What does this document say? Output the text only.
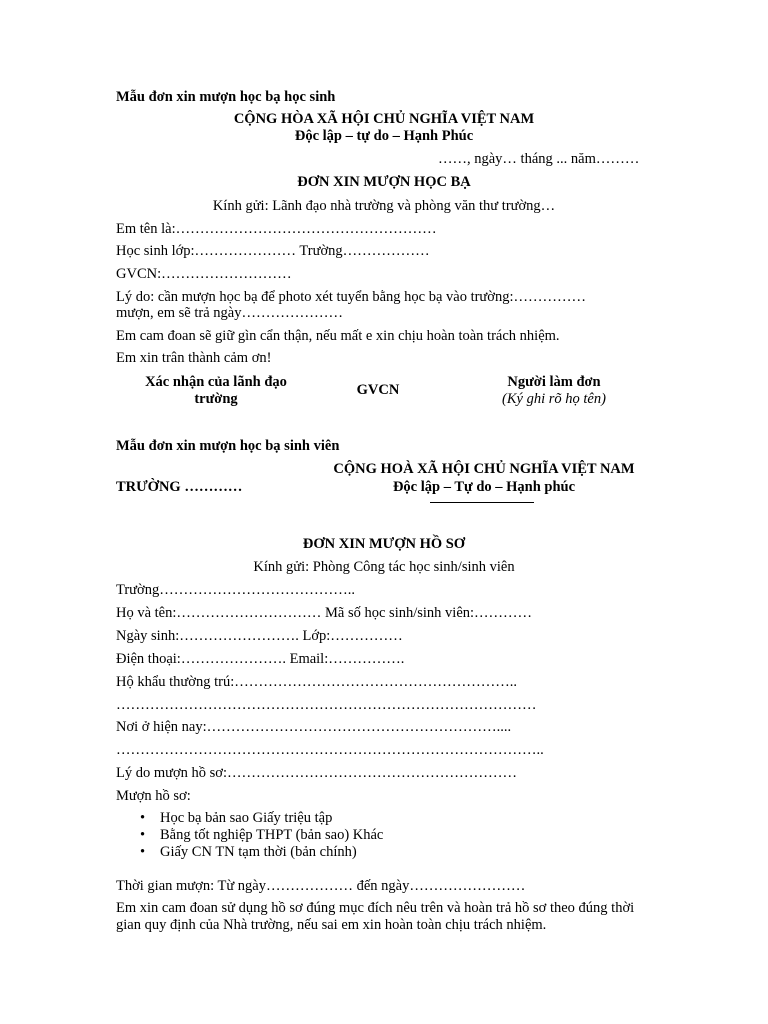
Mẫu đơn xin mượn học bạ học sinh
CỘNG HÒA XÃ HỘI CHỦ NGHĨA VIỆT NAM
Độc lập – tự do – Hạnh Phúc
……, ngày… tháng ... năm………
ĐƠN XIN MƯỢN HỌC BẠ
Kính gửi: Lãnh đạo nhà trường và phòng văn thư trường…
Em tên là:………………………………………………
Học sinh lớp:………………… Trường………………
GVCN:………………………
Lý do: cần mượn học bạ để photo xét tuyển bằng học bạ vào trường:……………
mượn, em sẽ trả ngày…………………
Em cam đoan sẽ giữ gìn cẩn thận, nếu mất e xin chịu hoàn toàn trách nhiệm.
Em xin trân thành cảm ơn!
Xác nhận của lãnh đạo
trường
GVCN	Người làm đơn
(Ký ghi rõ họ tên)
Mẫu đơn xin mượn học bạ sinh viên
CỘNG HOÀ XÃ HỘI CHỦ NGHĨA VIỆT NAM
TRƯỜNG …………	Độc lập – Tự do – Hạnh phúc
ĐƠN XIN MƯỢN HỒ SƠ
Kính gửi: Phòng Công tác học sinh/sinh viên
Trường…………………………………..
Họ và tên:………………………… Mã số học sinh/sinh viên:…………
Ngày sinh:……………………. Lớp:……………
Điện thoại:…………………. Email:…………….
Hộ khẩu thường trú:…………………………………………………..
……………………………………………………………………………
Nơi ở hiện nay:……………………………………………………....
……………………………………………………………………………..
Lý do mượn hồ sơ:……………………………………………………
Mượn hồ sơ:
• Học bạ bản sao Giấy triệu tập
• Bằng tốt nghiệp THPT (bản sao) Khác
• Giấy CN TN tạm thời (bản chính)
Thời gian mượn: Từ ngày……………… đến ngày……………………
Em xin cam đoan sử dụng hồ sơ đúng mục đích nêu trên và hoàn trả hồ sơ theo đúng thời gian quy định của Nhà trường, nếu sai em xin hoàn toàn chịu trách nhiệm.
